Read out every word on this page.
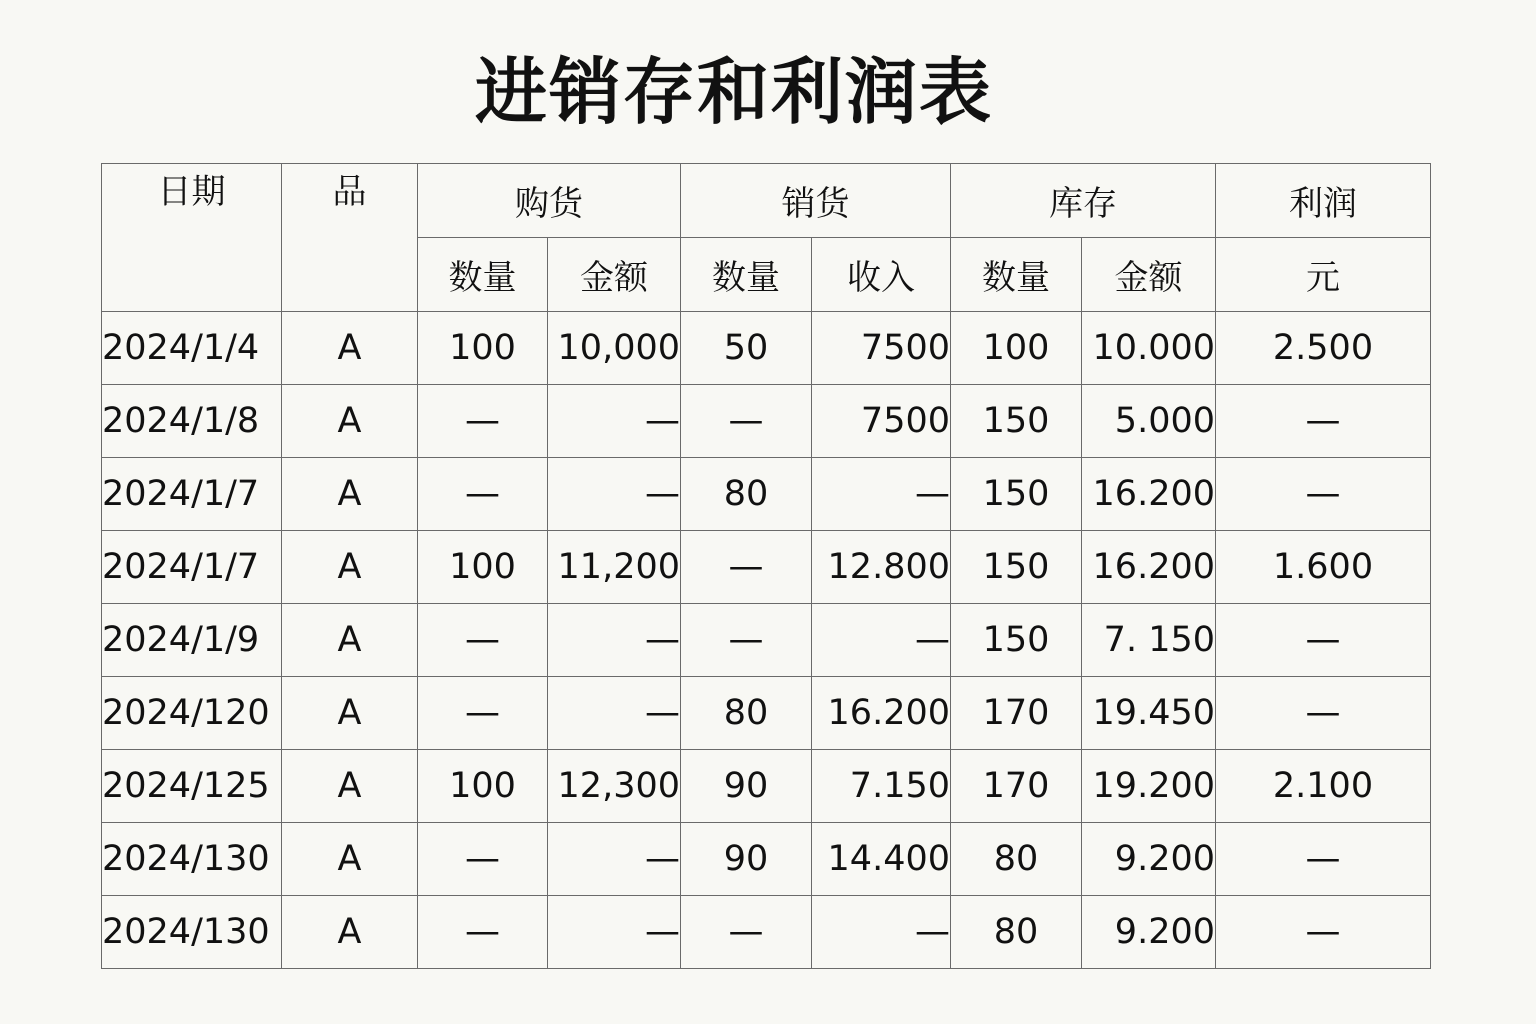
进销存和利润表
日期	品	购货		销货		库存		利润
		数量	金额	数量	收入	数量	金额	元
2024/1/4	A	100	10,000	50	7500	100	10.000	2.500
2024/1/8	A	—	—	—	7500	150	5.000	—
2024/1/7	A	—	—	80	—	150	16.200	—
2024/1/7	A	100	11,200	—	12.800	150	16.200	1.600
2024/1/9	A	—	—	—	—	150	7. 150	—
2024/120	A	—	—	80	16.200	170	19.450	—
2024/125	A	100	12,300	90	7.150	170	19.200	2.100
2024/130	A	—	—	90	14.400	80	9.200	—
2024/130	A	—	—	—	—	80	9.200	—
